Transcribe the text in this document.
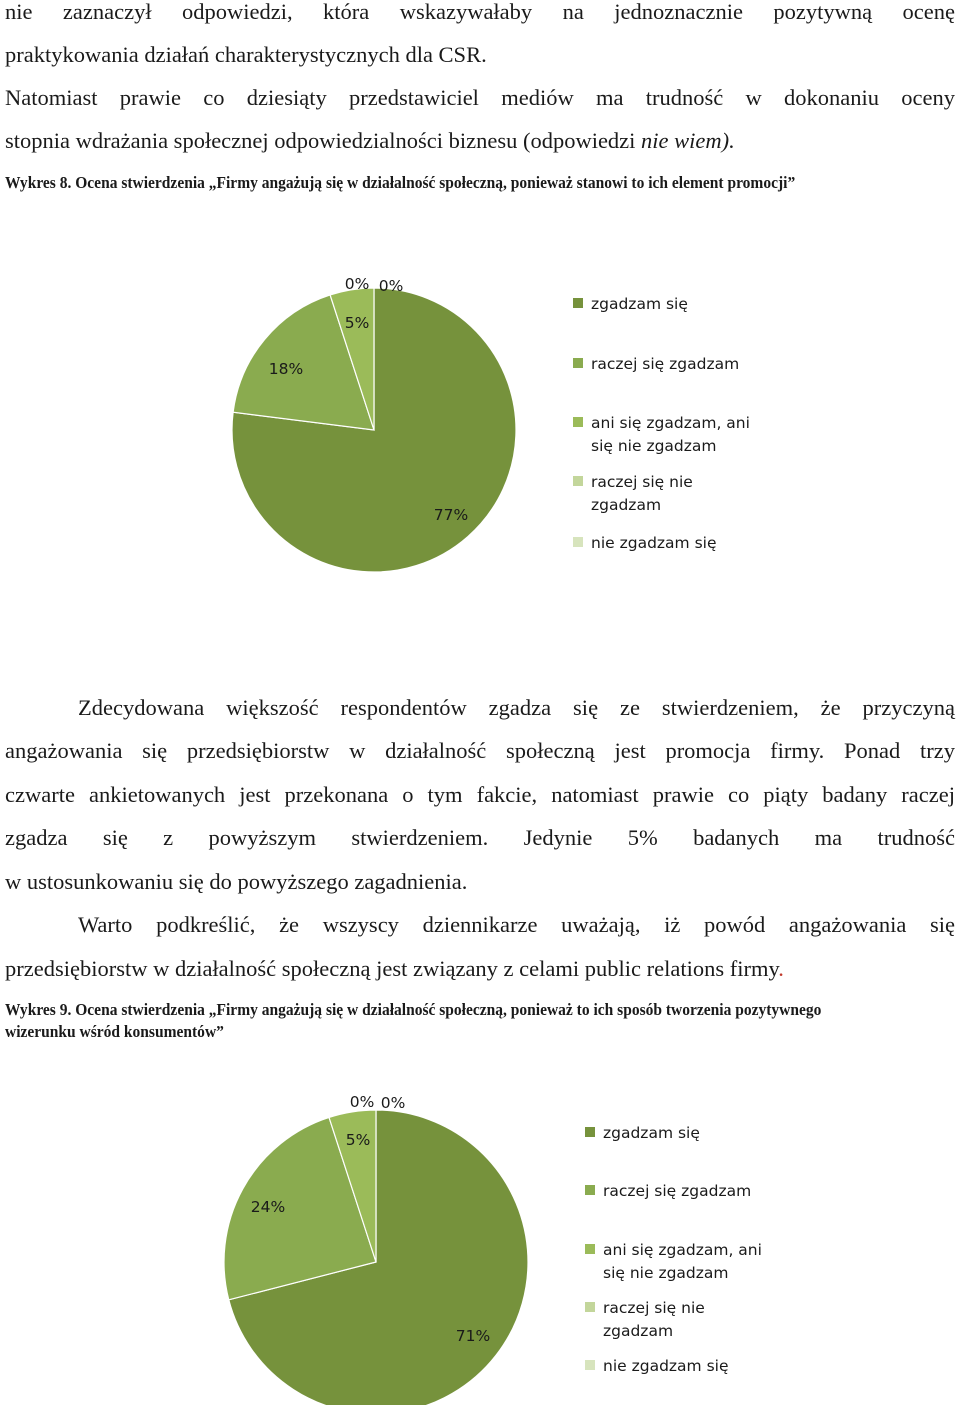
nie zaznaczył odpowiedzi, która wskazywałaby na jednoznacznie pozytywną ocenę

praktykowania działań charakterystycznych dla CSR.

Natomiast prawie co dziesiąty przedstawiciel mediów ma trudność w dokonaniu oceny

stopnia wdrażania społecznej odpowiedzialności biznesu (odpowiedzi nie wiem).

Wykres 8. Ocena stwierdzenia „Firmy angażują się w działalność społeczną, ponieważ stanowi to ich element promocji”

77%
18%
5%
0% 0%
zgadzam się
raczej się zgadzam
ani się zgadzam, ani
się nie zgadzam
raczej się nie
zgadzam
nie zgadzam się

Zdecydowana większość respondentów zgadza się ze stwierdzeniem, że przyczyną

angażowania się przedsiębiorstw w działalność społeczną jest promocja firmy. Ponad trzy

czwarte ankietowanych jest przekonana o tym fakcie, natomiast prawie co piąty badany raczej

zgadza się z powyższym stwierdzeniem. Jedynie 5% badanych ma trudność

w ustosunkowaniu się do powyższego zagadnienia.

Warto podkreślić, że wszyscy dziennikarze uważają, iż powód angażowania się

przedsiębiorstw w działalność społeczną jest związany z celami public relations firmy.

Wykres 9. Ocena stwierdzenia „Firmy angażują się w działalność społeczną, ponieważ to ich sposób tworzenia pozytywnego wizerunku wśród konsumentów”

71%
24%
5%
0% 0%
zgadzam się
raczej się zgadzam
ani się zgadzam, ani
się nie zgadzam
raczej się nie
zgadzam
nie zgadzam się
